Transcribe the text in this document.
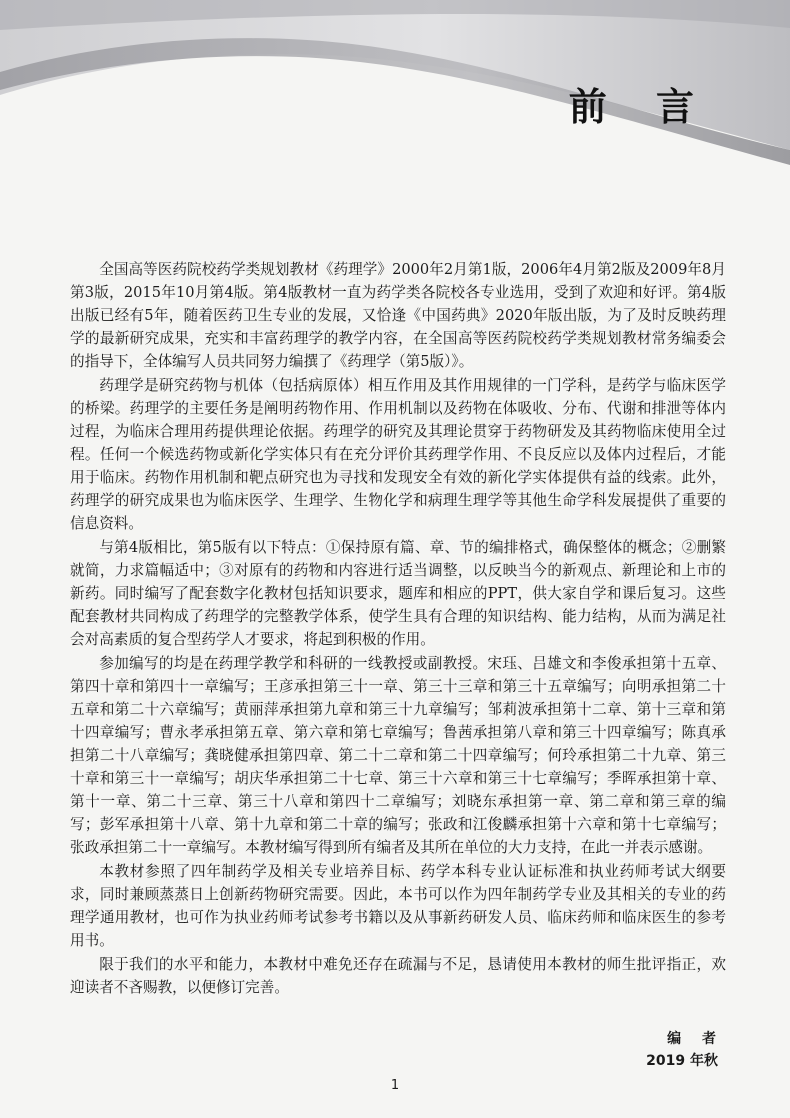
前 言

全国高等医药院校药学类规划教材《药理学》2000年2月第1版，2006年4月第2版及2009年8月第3版，2015年10月第4版。第4版教材一直为药学类各院校各专业选用，受到了欢迎和好评。第4版出版已经有5年，随着医药卫生专业的发展，又恰逢《中国药典》2020年版出版，为了及时反映药理学的最新研究成果，充实和丰富药理学的教学内容，在全国高等医药院校药学类规划教材常务编委会的指导下，全体编写人员共同努力编撰了《药理学（第5版）》。

药理学是研究药物与机体（包括病原体）相互作用及其作用规律的一门学科，是药学与临床医学的桥梁。药理学的主要任务是阐明药物作用、作用机制以及药物在体吸收、分布、代谢和排泄等体内过程，为临床合理用药提供理论依据。药理学的研究及其理论贯穿于药物研发及其药物临床使用全过程。任何一个候选药物或新化学实体只有在充分评价其药理学作用、不良反应以及体内过程后，才能用于临床。药物作用机制和靶点研究也为寻找和发现安全有效的新化学实体提供有益的线索。此外，药理学的研究成果也为临床医学、生理学、生物化学和病理生理学等其他生命学科发展提供了重要的信息资料。

与第4版相比，第5版有以下特点：①保持原有篇、章、节的编排格式，确保整体的概念；②删繁就简，力求篇幅适中；③对原有的药物和内容进行适当调整，以反映当今的新观点、新理论和上市的新药。同时编写了配套数字化教材包括知识要求，题库和相应的PPT，供大家自学和课后复习。这些配套教材共同构成了药理学的完整教学体系，使学生具有合理的知识结构、能力结构，从而为满足社会对高素质的复合型药学人才要求，将起到积极的作用。

参加编写的均是在药理学教学和科研的一线教授或副教授。宋珏、吕雄文和李俊承担第十五章、第四十章和第四十一章编写；王彦承担第三十一章、第三十三章和第三十五章编写；向明承担第二十五章和第二十六章编写；黄丽萍承担第九章和第三十九章编写；邹莉波承担第十二章、第十三章和第十四章编写；曹永孝承担第五章、第六章和第七章编写；鲁茜承担第八章和第三十四章编写；陈真承担第二十八章编写；龚晓健承担第四章、第二十二章和第二十四章编写；何玲承担第二十九章、第三十章和第三十一章编写；胡庆华承担第二十七章、第三十六章和第三十七章编写；季晖承担第十章、第十一章、第二十三章、第三十八章和第四十二章编写；刘晓东承担第一章、第二章和第三章的编写；彭军承担第十八章、第十九章和第二十章的编写；张政和江俊麟承担第十六章和第十七章编写；张政承担第二十一章编写。本教材编写得到所有编者及其所在单位的大力支持，在此一并表示感谢。

本教材参照了四年制药学及相关专业培养目标、药学本科专业认证标准和执业药师考试大纲要求，同时兼顾蒸蒸日上创新药物研究需要。因此，本书可以作为四年制药学专业及其相关的专业的药理学通用教材，也可作为执业药师考试参考书籍以及从事新药研发人员、临床药师和临床医生的参考用书。

限于我们的水平和能力，本教材中难免还存在疏漏与不足，恳请使用本教材的师生批评指正，欢迎读者不吝赐教，以便修订完善。

编 者
2019 年秋
1
